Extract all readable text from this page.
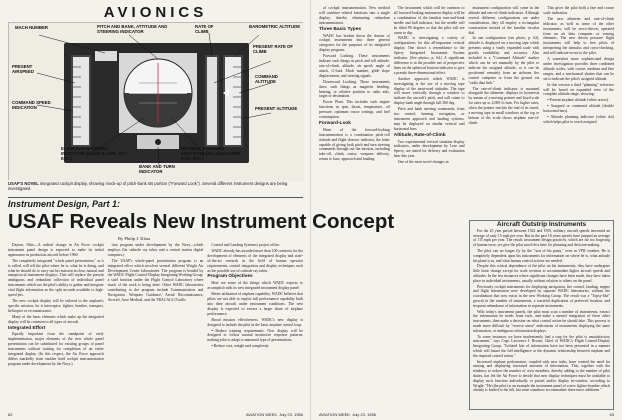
AVIONICS
MACH NUMBER	PITCH AND BANK, ATTITUDE AND STEERING INDICATOR
RATE OF CLIMB
BAROMETRIC ALTITUDE
PRESENT AIRSPEED
COMMAND SPEED INDICATION
PRESENT RATE OF CLIMB
COMMAND ALTITUDE
PRESENT ALTITUDE
ELEVATION STEERING INDICATOR (GLIDE SLOPE, ECT., ETC.)
HEADING STEERING INDICATOR (SCLLOCALIZER, VOR, ETC.)
BANK AND TURN INDICATOR
USAF'S NOVEL integrated cockpit display, showing mock-up of pitch-bank sts portion ("Forward Look"). Several different instrument designs are being investigated.
Instrument Design, Part 1:
USAF Reveals New Instrument Concept
By Philip J. Klass

Dayton, Ohio—A radical change in Air Force cockpit instrument panel design is expected to make its initial appearance in production aircraft before 1960.

The completely integrated "whole panel presentation," as it is called, will tell the pilot where he is, what he is doing, and what he should do to carry out his mission in clear, natural and unequivocal instrument displays. This will replace the present ambiguous and redundant collection of individual panel instruments which tax the pilot's ability to gather and integrate vital flight information as the split seconds available to high-speed jets.

The new cockpit display will be tailored to the airplane's specific mission, be it interceptor, fighter, bomber, transport, helicopter or reconnaissance.

Many of the basic elements which make up the integrated display will be common to all types of aircraft.

Integrated Effort

Equally important from the standpoint of early implementation, major elements of the new whole panel presentation can be substituted for existing groups of panel instruments without waiting for completion of an entire integrated display. (In this respect, the Air Force approach differs markedly from another bold cockpit instrumentation program under development by the Navy.)

tion program under development by the Navy—which employs flat cathode ray tubes and a central station digital computer.)

The USAF's whole-panel presentation program is an integrated effort which involves several different Wright Air Development Center laboratories. The program is headed by the WADC Flight Control-Display Integrating Working Group, a staff function under the Flight Control Laboratory where much of the work is being done. Other WADC laboratories contributing to the program include Communication and Navigation, Weapons Guidance, Aerial Reconnaissance, Aircraft, Aero Medical, and the TRACALS (Traffic

Control and Landing Systems) project office.

WADC already has awarded more than 100 contracts for the development of elements of the integrated display and state-of-the-art research in the field of human operator requirements, control integration and display techniques such as the possible use of cathode ray tubes.

Program Objectives

Here are some of the things which WADC expects to accomplish with its new integrated instrument display panel:

Better utilization of airplane capability. WADC believes that pilots are not able to exploit full performance capability built into their aircraft under instrument conditions. The new display is expected to extract a larger share of airplane performance.

Broad mission effectiveness. WADC's new display is designed to include the pilot in the basic airplane control loop.

• Reduce training requirements. New display will be designed to follow natural instinctive response patterns, making pilot to adapt to unnatural type of presentations.

• Reduce cost, weight and complexity

62	AVIATION WEEK, July 23, 1956

of cockpit instrumentation. New method will combine related functions into a single display, thereby eliminating redundant instrumentation.

Three Basic Types

WADC has broken down the dozens of cockpit instruments into three general categories for the purposes of its integrated display program:

Forward Looking. These instruments indicate such things as pitch and roll attitude, rate-of-climb, altitude, air speed, angle of attack, G-load, Mach number, glide slope displacement, and steering signals.

Downward Looking. These instruments show such things as magnetic heading, bearing, or relative position to radio aids, target or destination.

Power Plant. This includes such engine functions as rpm, thrust, temperature, oil pressure, optimum cruise settings, and fuel consumption.

Forward-Look

Heart of the forward-looking instrumentation is a combination pitch-roll attitude and flight director indicator, the latter capable of giving both pitch and turn steering commands through out the mission, including take-off, climb, cruise, weapons delivery, return to base, approach and landing.

The instrument which will be common to all forward-looking instrument display will be a combination of the familiar turn-and-bank needle and ball indicator, but the needle will be tilted 90 degrees so that the pilot will see cause to dip.

WADC is investigating a variety of configurations for this all-important vertical display. One shows a resemblance to the Sperry Integrated Instrument System indicator. (See photos, p. 64.) A significant difference is in the possible use of perspective lines on the spherical horizon indicator to give a pseudo three-dimensional effect.

Another approach which WADC is investigating is the use of a moving tape display of the most-used attitudes. The tape will move vertically through a window to indicate the aircraft's pitch, and will rotate to display bank angle through full 360 deg.

Pitch and bank steering commands, from two control, homing, navigation, or instrument approach and landing systems, may be displayed on similar vertical and horizontal bars.

Altitude, Rate-of-Climb

Two experimental vertical situation display indicators, under development by Lear and Sperry, are slated for delivery and evaluation later this year.

One of the most novel changes in

instrument configuration will come in the altitude and rate-of-climb indicators. Although several different configurations are under consideration, they all employ a rectangular construction instead of the familiar circular dial.

In one configuration (see photo, p. 62), altitude is displayed on a moving tape which presents using a vastly expanded scale with greatly readability and accuracy. Also included is a "Command Altitude" marker which can be set manually by the pilot to indicate his assigned altitude, or it can be positioned remotely from an airborne fire control computer or from the ground via "radio data link."

The rate-of-climb indicator is mounted alongside the altimeter, displays its hysteresis by means of a moving pointer and fixed scale for rates up to 2,000 ft./min. For higher rates, when the pointer reaches the end of its travel, a moving tape in small windows at the top or bottom of the scale shows airplane rate-of-climb.

This gives the pilot both a fine and coarse scale indication.

The new altimeter and rate-of-climb indicator, as well as some of the other instruments, will be servo-driven, operated from an air data computer or sensing elements. The new driven pressure flight instruments will help to free pilots of interpreting the stimulus and cross-checking, and will indicate errors to the pilot.

A somewhat more sophisticated design under investigation provides three combined altitude scales, with coarse, medium and fine ranges, and a mechanical shutter that can be set to indicate the pilot's assigned altitude.

In this version a third "planning" reference will be, based on expanded view of the complete altitude range, showing:

• Present airplane altitude (white arrow).

• Assigned or command altitude (double horizontal bars).

• Altitude planning indicator (white dot) which helps pilot to reach assigned

Aircraft Outstrip Instruments

For the 25 year period between 1922 and 1955, military aircraft speeds increased an average of only 15 mph per year. But in the past 10 years speeds have jumped an average of 115 mph per year. The result: instrument design practices, which are far too forgiving of human error, yet give the pilot much less time for planning and decision-making.

The pilot can no longer fly by the "seat of his pants," even in VFR weather. He is completely dependent upon his instruments for information on where he is, what attitude his plane is in, and what human control actions are needed.

Despite this critical dependence of the pilot on his instruments, they have undergone little basic change except for scale revision to accommodate higher aircraft speeds and altitudes. In the few instances where significant changes have been made, they have taken place in individual instruments, usually without relation to others on the panel.

Previously cockpit instruments for displaying navigation, fire control, landing, engine and flight information were developed by separate WADC laboratories, without the coordination that now exists in the new Working Group. The result was a "Topsy-like" growth in the number of instruments, a wasteful duplication of preferred location, and frequent redundance of information in separate instruments.

With today's instrument panels, the pilot must scan a number of instruments, extract the information he needs from each, and make a mental integration of these other instruments, then make a decision on what control action he should take. This process is made more difficult by "reverse sense" indications of instruments displaying the same information, or ambiguous information displays.

To some instances we have inadvertently had a trap for the pilot is unsatisfactory instrument," says Capt. Lawrence J. Brown, Chief of WADC's Flight Control-Display Integrating Group. "Isolated bits of information have not been presented in a manner which will insure the full intelligence or the dynamic relationship between airplane and the required control action."

Increased airplane performance, coupled with new tasks, have created the need for sensing and displaying increased amounts of information. This, together with the tendency to reduce the number of crew members, thereby adding to the number of pilot duties, has led the Air Force to decide that new display techniques must be available to display such function individually or paired and/or display in-window, according to Wright. "He (the pilot) is an example the instrument panel of a new fighter-bomber which already is loaded to the hilt, but must somehow accommodate three more additions."

AVIATION WEEK, July 23, 1956	63
